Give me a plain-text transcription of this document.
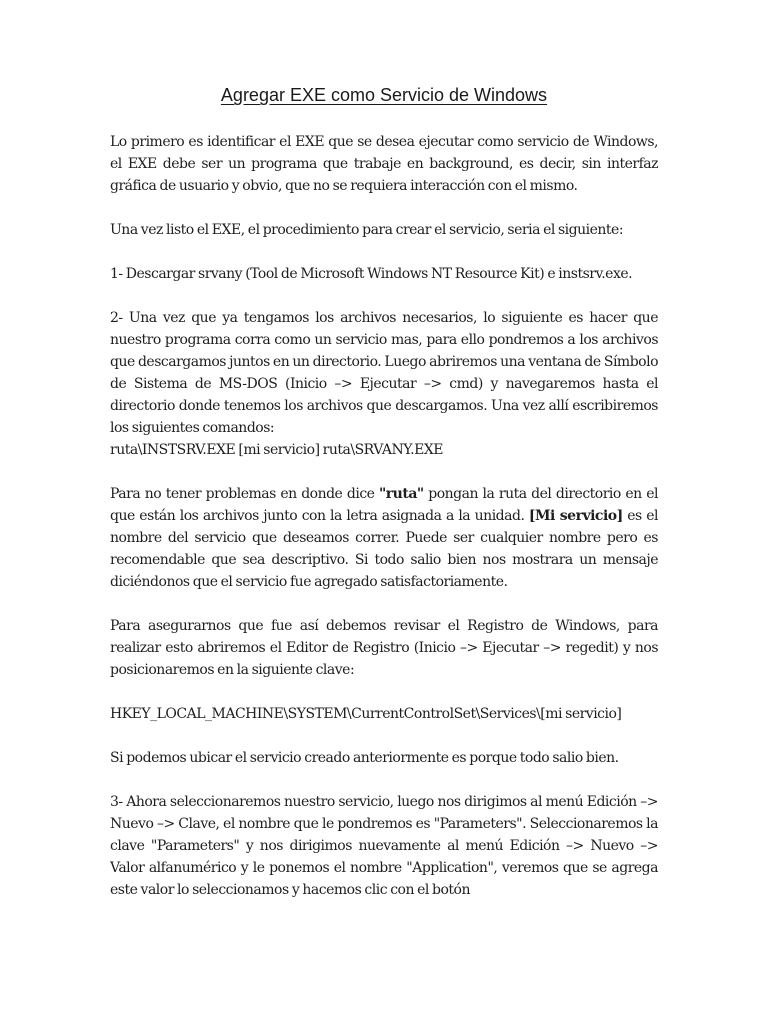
Agregar EXE como Servicio de Windows

Lo primero es identificar el EXE que se desea ejecutar como servicio de Windows, el EXE debe ser un programa que trabaje en background, es decir, sin interfaz gráfica de usuario y obvio, que no se requiera interacción con el mismo.

Una vez listo el EXE, el procedimiento para crear el servicio, seria el siguiente:

1- Descargar srvany (Tool de Microsoft Windows NT Resource Kit) e instsrv.exe.

2- Una vez que ya tengamos los archivos necesarios, lo siguiente es hacer que nuestro programa corra como un servicio mas, para ello pondremos a los archivos que descargamos juntos en un directorio. Luego abriremos una ventana de Símbolo de Sistema de MS-DOS (Inicio –> Ejecutar –> cmd) y navegaremos hasta el directorio donde tenemos los archivos que descargamos. Una vez allí escribiremos los siguientes comandos:
ruta\INSTSRV.EXE [mi servicio] ruta\SRVANY.EXE

Para no tener problemas en donde dice "ruta" pongan la ruta del directorio en el que están los archivos junto con la letra asignada a la unidad. [Mi servicio] es el nombre del servicio que deseamos correr. Puede ser cualquier nombre pero es recomendable que sea descriptivo. Si todo salio bien nos mostrara un mensaje diciéndonos que el servicio fue agregado satisfactoriamente.

Para asegurarnos que fue así debemos revisar el Registro de Windows, para realizar esto abriremos el Editor de Registro (Inicio –> Ejecutar –> regedit) y nos posicionaremos en la siguiente clave:

HKEY_LOCAL_MACHINE\SYSTEM\CurrentControlSet\Services\[mi servicio]

Si podemos ubicar el servicio creado anteriormente es porque todo salio bien.

3- Ahora seleccionaremos nuestro servicio, luego nos dirigimos al menú Edición –> Nuevo –> Clave, el nombre que le pondremos es "Parameters". Seleccionaremos la clave "Parameters" y nos dirigimos nuevamente al menú Edición –> Nuevo –> Valor alfanumérico y le ponemos el nombre "Application", veremos que se agrega este valor lo seleccionamos y hacemos clic con el botón
